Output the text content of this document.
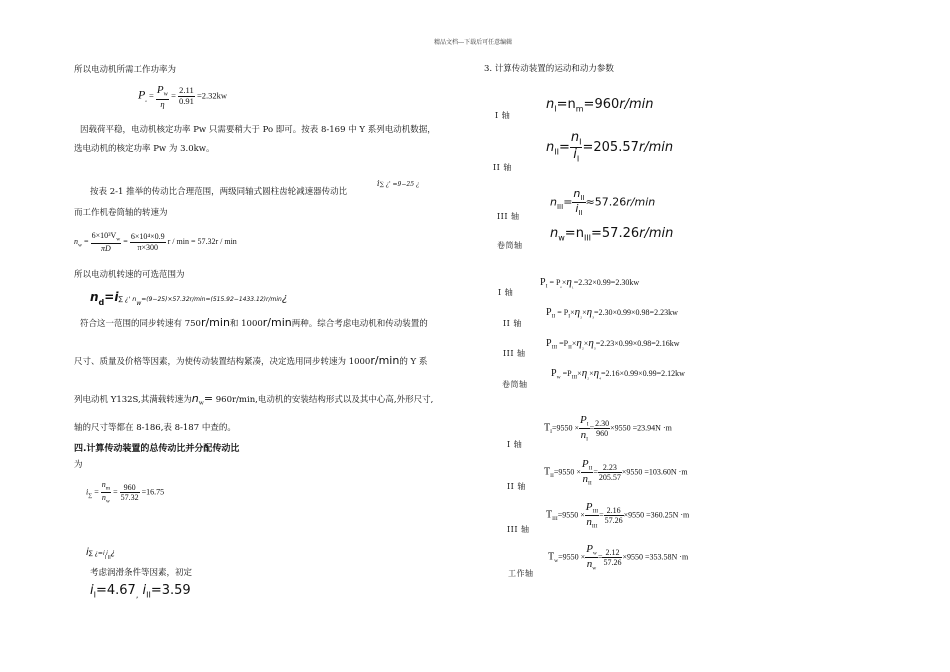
精品文档---下载后可任意编辑
所以电动机所需工作功率为
$P_{_e} = \frac{P_w}{\eta} = \frac{2.11}{0.91} =2.32kw$
因载荷平稳，电动机核定功率 Pw 只需要稍大于 Po 即可。按表 8-169 中 Y 系列电动机数据，
选电动机的核定功率 Pw 为 3.0kw。
按表 2-1 推举的传动比合理范围，两级同轴式圆柱齿轮减速器传动比
i∑ ¿' =9−25 ¿
而工作机卷筒轴的转速为
$n_w = \frac{6\times 10^3V_w}{\pi D} = \frac{\text{6×10⁴×0.9}}{\pi\times 300}$ r / min = 57.32r / min
所以电动机转速的可选范围为
$n_d=i\sum$ ¿' $n_w=(9-25)\times 57.32r/\min=(515.92-1433.12)r/\min¿$
符合这一范围的同步转速有 750r/min和 1000r/min两种。综合考虑电动机和传动装置的
尺寸、质量及价格等因素，为使传动装置结构紧凑，决定选用同步转速为 1000r/min的 Y 系
列电动机 Y132S,其满载转速为$n_w= 960r/\min$,电动机的安装结构形式以及其中心高,外形尺寸,
轴的尺寸等都在 8-186,表 8-187 中查的。
四.计算传动装置的总传动比并分配传动比
为
$i_\sum = \frac{n_m}{n_w} = \frac{960}{57.32} =16.75$
i∑ ¿$=i_Ii_{II}¿$
考虑润滑条件等因素，初定
$i_I=4.67_,$ $i_{II}=3.59$
3. 计算传动装置的运动和动力参数
I 轴
$n_I=n_m=960r/\min$
II 轴
$n_{II}= \frac{n_I}{i_I} =205.57r/\min$
III 轴
$n_{III}= \frac{n_{II}}{i_{II}} \approx 57.26r/\min$
卷筒轴
$n_w=n_{III}=57.26r/\min$
I 轴
$P_I = P_{_e}\times\eta_{_1}=2.32\times 0.99=2.30kw$
II 轴
$P_{II} = P_I\times\eta_{_2}\times\eta_{_3}=2.30\times 0.99\times 0.98=2.23kw$
III 轴
$P_{III} =P_{II}\times\eta_{_2}\times\eta_{_3}=2.23\times 0.99\times 0.98=2.16kw$
卷筒轴
$P_w =P_{III}\times\eta_{_2}\times\eta_{_4}=2.16\times 0.99\times 0.99=2.12kw$
I 轴
$T_I=9550 \times \frac{P_I}{n_I} = \frac{2.30}{960} \times 9550 =23.94N \cdot m$
II 轴
$T_{II}=9550 \times \frac{P_{II}}{n_{II}} = \frac{2.23}{205.57} \times 9550 =103.60N \cdot m$
III 轴
$T_{III}=9550 \times \frac{P_{III}}{n_{III}} = \frac{2.16}{57.26} \times 9550 =360.25N \cdot m$
工作轴
$T_w=9550 \times \frac{P_w}{n_w} = \frac{2.12}{57.26} \times 9550 =353.58N \cdot m$
